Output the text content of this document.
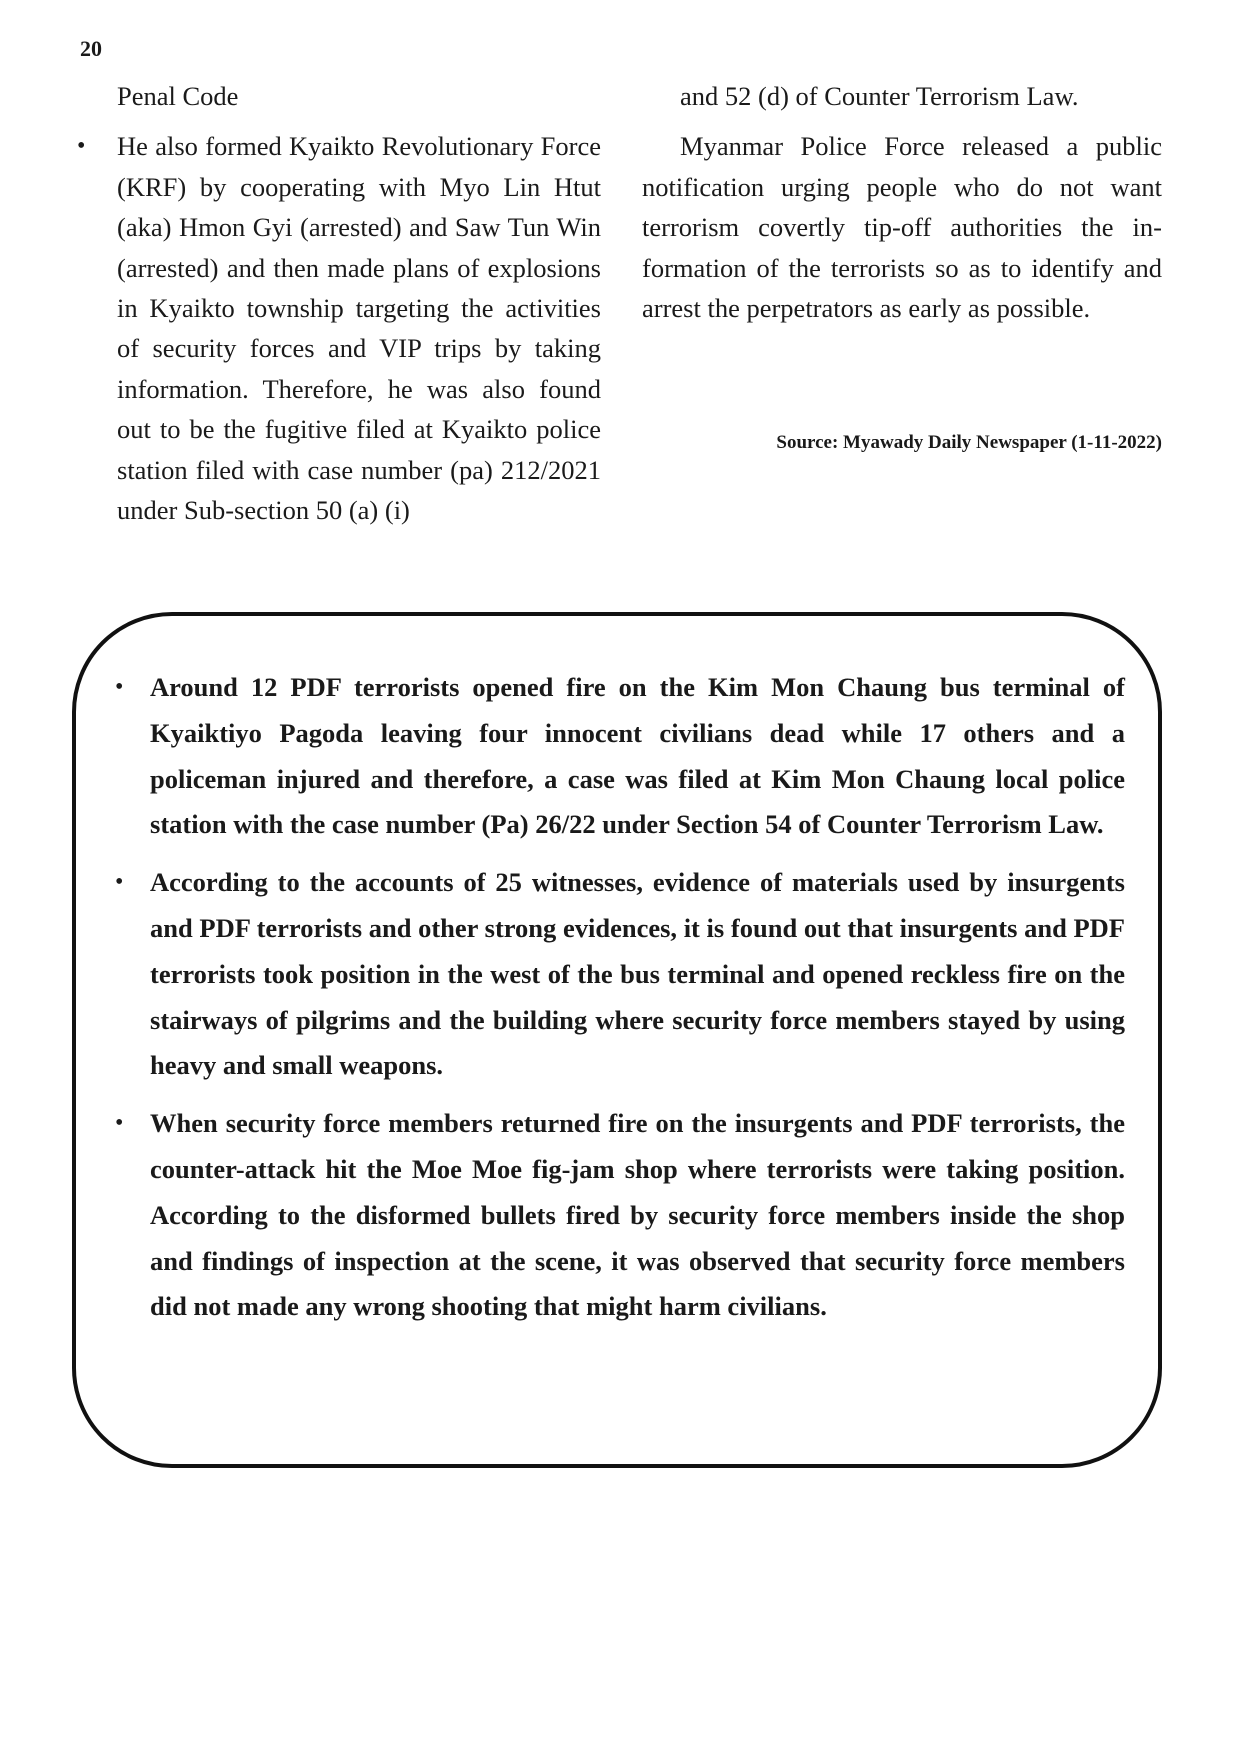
20

Penal Code

• He also formed Kyaikto Revolutionary Force (KRF) by cooperating with Myo Lin Htut (aka) Hmon Gyi (arrested) and Saw Tun Win (arrested) and then made plans of explosions in Kyaikto township targeting the activities of security forces and VIP trips by taking information. Therefore, he was also found out to be the fugitive filed at Kyaikto police station filed with case number (pa) 212/2021 under Sub-section 50 (a) (i)

and 52 (d) of Counter Terrorism Law.

Myanmar Police Force released a public notification urging people who do not want terrorism covertly tip-off authorities the information of the terrorists so as to identify and arrest the perpetrators as early as possible.

Source: Myawady Daily Newspaper (1-11-2022)
• Around 12 PDF terrorists opened fire on the Kim Mon Chaung bus terminal of Kyaiktiyo Pagoda leaving four innocent civilians dead while 17 others and a policeman injured and therefore, a case was filed at Kim Mon Chaung local police station with the case number (Pa) 26/22 under Section 54 of Counter Terrorism Law.
• According to the accounts of 25 witnesses, evidence of materials used by insurgents and PDF terrorists and other strong evidences, it is found out that insurgents and PDF terrorists took position in the west of the bus terminal and opened reckless fire on the stairways of pilgrims and the building where security force members stayed by using heavy and small weapons.
• When security force members returned fire on the insurgents and PDF terrorists, the counter-attack hit the Moe Moe fig-jam shop where terrorists were taking position. According to the disformed bullets fired by security force members inside the shop and findings of inspection at the scene, it was observed that security force members did not made any wrong shooting that might harm civilians.
